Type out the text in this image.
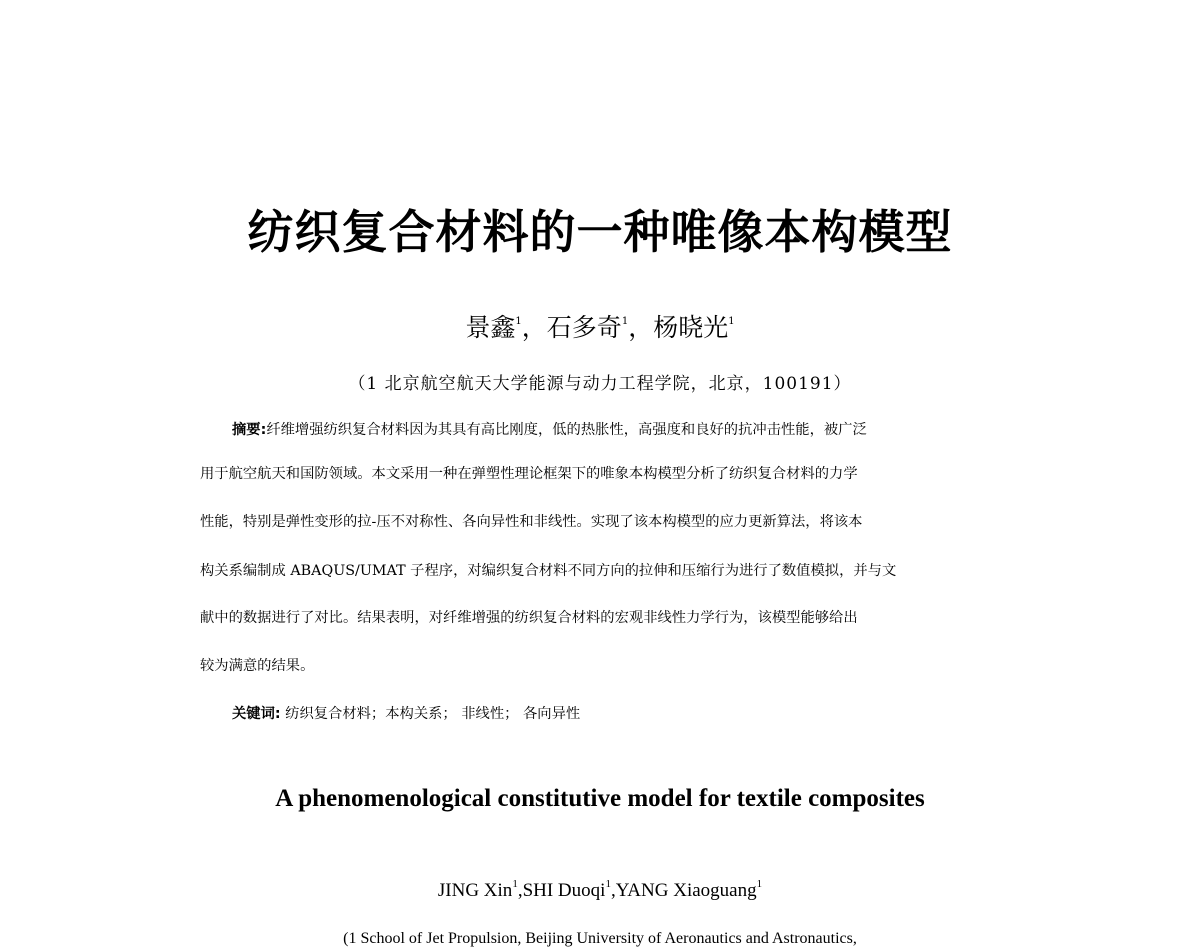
纺织复合材料的一种唯像本构模型
景鑫$^1$，石多奇$^1$，杨晓光$^1$
（1 北京航空航天大学能源与动力工程学院，北京，100191）
摘要:纤维增强纺织复合材料因为其具有高比刚度，低的热胀性，高强度和良好的抗冲击性能，被广泛
用于航空航天和国防领域。本文采用一种在弹塑性理论框架下的唯象本构模型分析了纺织复合材料的力学
性能，特别是弹性变形的拉-压不对称性、各向异性和非线性。实现了该本构模型的应力更新算法，将该本
构关系编制成 ABAQUS/UMAT 子程序，对编织复合材料不同方向的拉伸和压缩行为进行了数值模拟，并与文
献中的数据进行了对比。结果表明，对纤维增强的纺织复合材料的宏观非线性力学行为，该模型能够给出
较为满意的结果。
关键词: 纺织复合材料；本构关系； 非线性； 各向异性
A phenomenological constitutive model for textile composites
JING Xin$^1$,SHI Duoqi$^1$,YANG Xiaoguang$^1$
(1 School of Jet Propulsion, Beijing University of Aeronautics and Astronautics,
